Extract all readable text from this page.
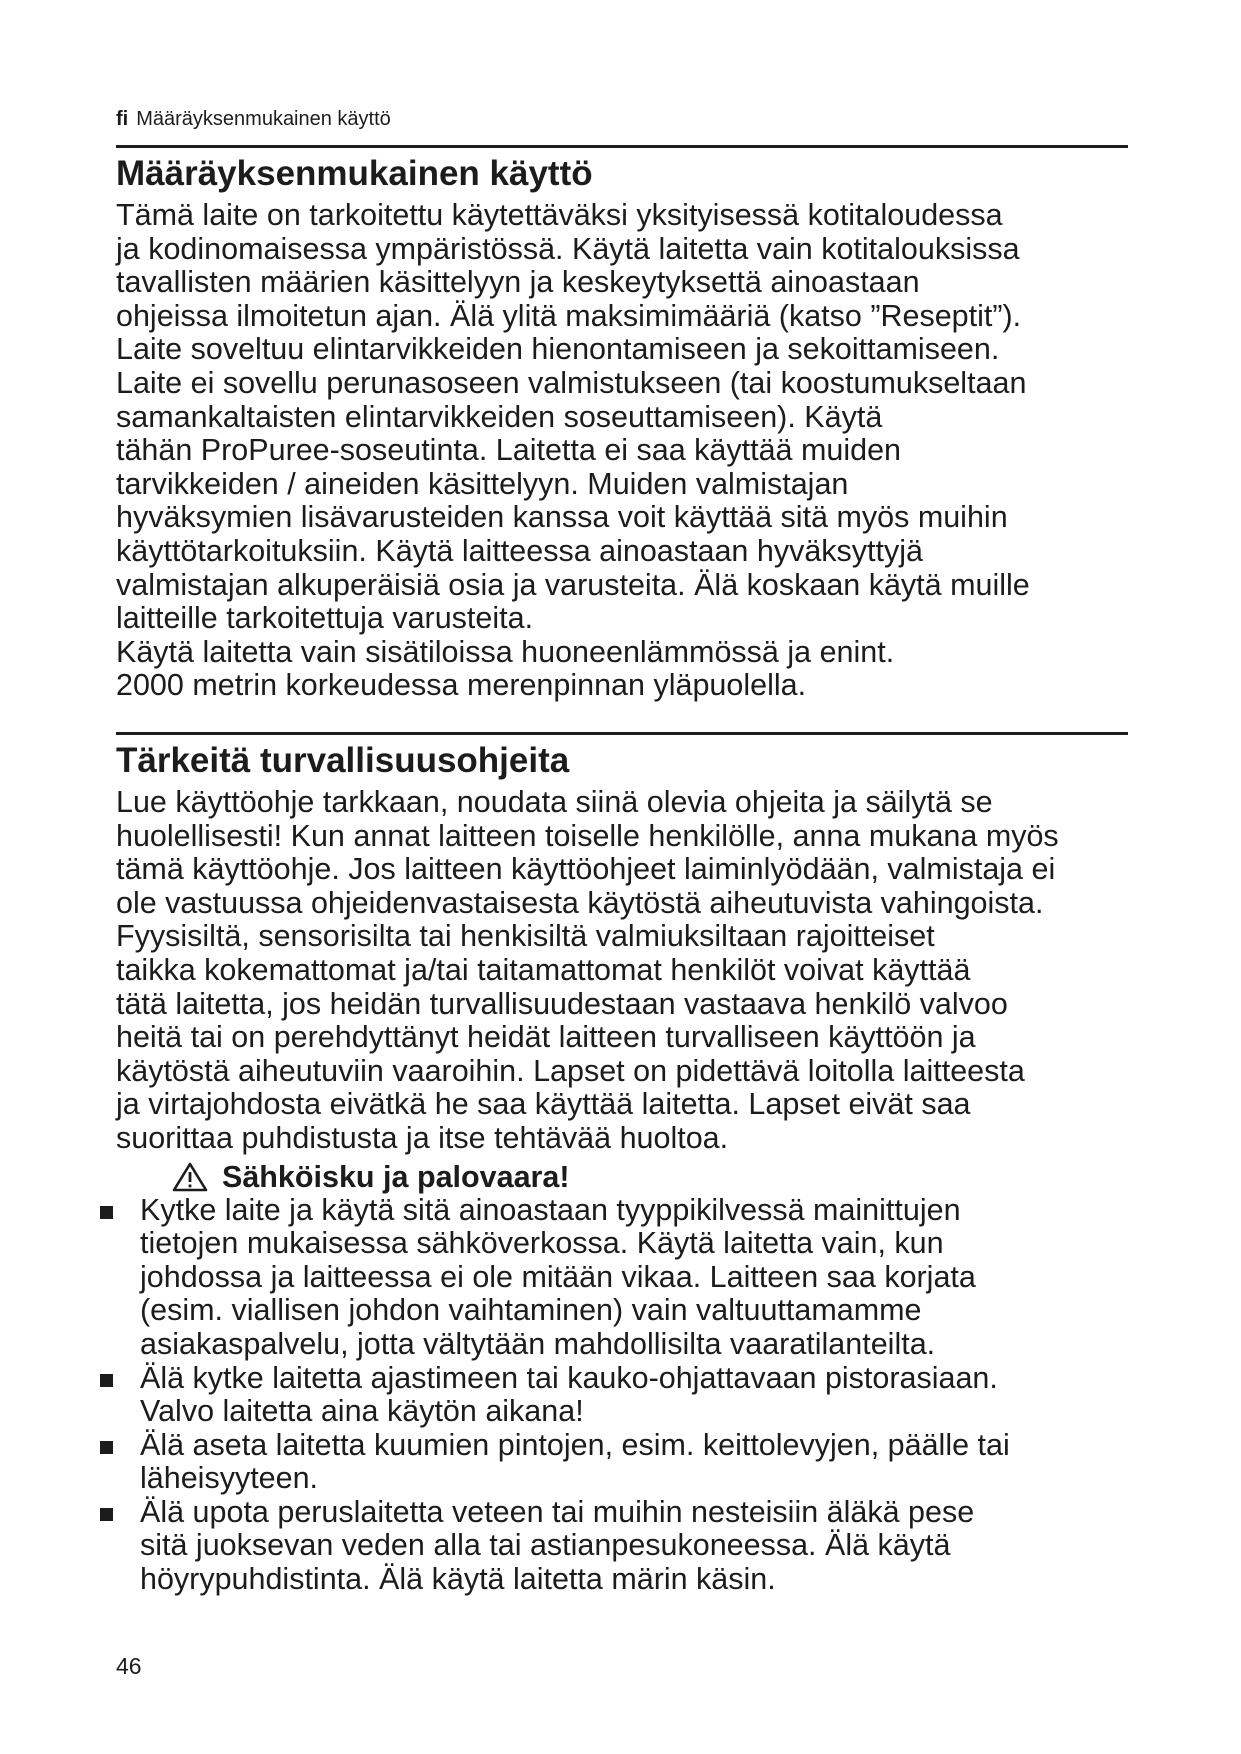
fi Määräyksenmukainen käyttö
Määräyksenmukainen käyttö
Tämä laite on tarkoitettu käytettäväksi yksityisessä kotitaloudessa
ja kodinomaisessa ympäristössä. Käytä laitetta vain kotitalouksissa
tavallisten määrien käsittelyyn ja keskeytyksettä ainoastaan
ohjeissa ilmoitetun ajan. Älä ylitä maksimimääriä (katso ”Reseptit”).
Laite soveltuu elintarvikkeiden hienontamiseen ja sekoittamiseen.
Laite ei sovellu perunasoseen valmistukseen (tai koostumukseltaan
samankaltaisten elintarvikkeiden soseuttamiseen). Käytä
tähän ProPuree-soseutinta. Laitetta ei saa käyttää muiden
tarvikkeiden / aineiden käsittelyyn. Muiden valmistajan
hyväksymien lisävarusteiden kanssa voit käyttää sitä myös muihin
käyttötarkoituksiin. Käytä laitteessa ainoastaan hyväksyttyjä
valmistajan alkuperäisiä osia ja varusteita. Älä koskaan käytä muille
laitteille tarkoitettuja varusteita.
Käytä laitetta vain sisätiloissa huoneenlämmössä ja enint.
2000 metrin korkeudessa merenpinnan yläpuolella.
Tärkeitä turvallisuusohjeita
Lue käyttöohje tarkkaan, noudata siinä olevia ohjeita ja säilytä se
huolellisesti! Kun annat laitteen toiselle henkilölle, anna mukana myös
tämä käyttöohje. Jos laitteen käyttöohjeet laiminlyödään, valmistaja ei
ole vastuussa ohjeidenvastaisesta käytöstä aiheutuvista vahingoista.
Fyysisiltä, sensorisilta tai henkisiltä valmiuksiltaan rajoitteiset
taikka kokemattomat ja/tai taitamattomat henkilöt voivat käyttää
tätä laitetta, jos heidän turvallisuudestaan vastaava henkilö valvoo
heitä tai on perehdyttänyt heidät laitteen turvalliseen käyttöön ja
käytöstä aiheutuviin vaaroihin. Lapset on pidettävä loitolla laitteesta
ja virtajohdosta eivätkä he saa käyttää laitetta. Lapset eivät saa
suorittaa puhdistusta ja itse tehtävää huoltoa.
Sähköisku ja palovaara!
Kytke laite ja käytä sitä ainoastaan tyyppikilvessä mainittujen
tietojen mukaisessa sähköverkossa. Käytä laitetta vain, kun
johdossa ja laitteessa ei ole mitään vikaa. Laitteen saa korjata
(esim. viallisen johdon vaihtaminen) vain valtuuttamamme
asiakaspalvelu, jotta vältytään mahdollisilta vaaratilanteilta.
Älä kytke laitetta ajastimeen tai kauko-ohjattavaan pistorasiaan.
Valvo laitetta aina käytön aikana!
Älä aseta laitetta kuumien pintojen, esim. keittolevyjen, päälle tai
läheisyyteen.
Älä upota peruslaitetta veteen tai muihin nesteisiin äläkä pese
sitä juoksevan veden alla tai astianpesukoneessa. Älä käytä
höyrypuhdistinta. Älä käytä laitetta märin käsin.
46
